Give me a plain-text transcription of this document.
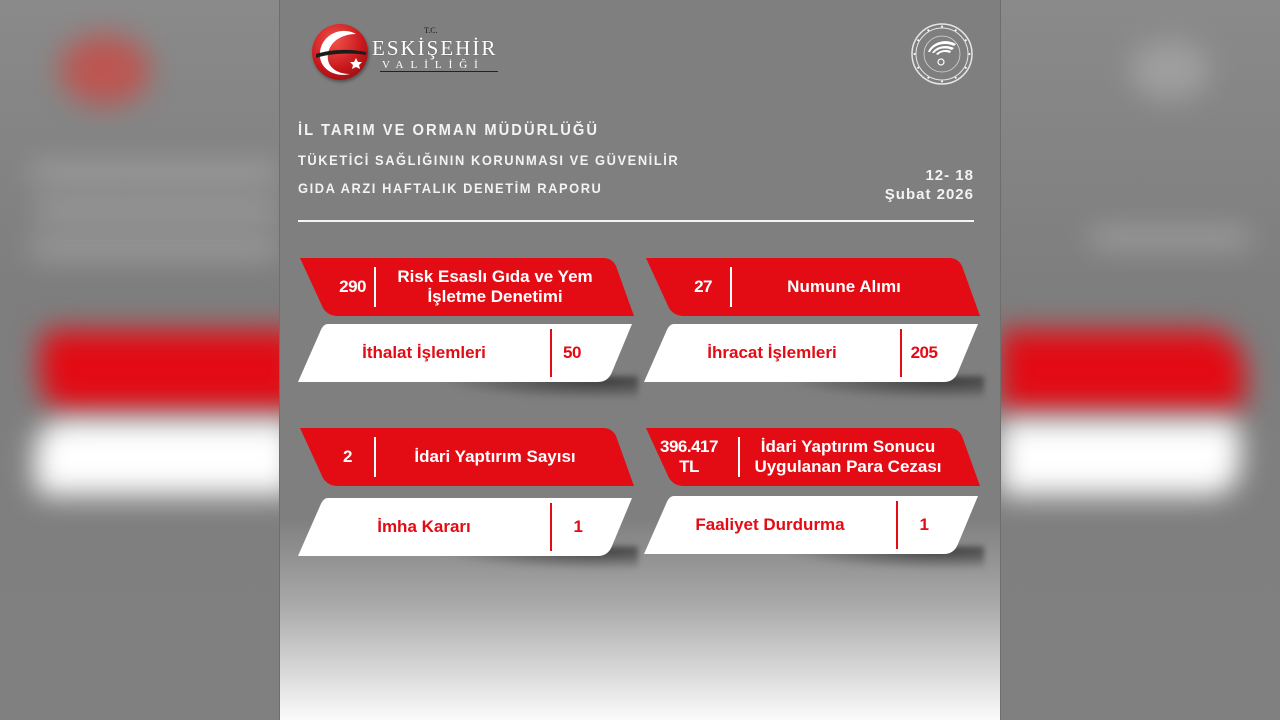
T.C.
ESKİŞEHİR
VALİLİĞİ
İL TARIM VE ORMAN MÜDÜRLÜĞÜ
TÜKETİCİ SAĞLIĞININ KORUNMASI VE GÜVENİLİR
GIDA ARZI HAFTALIK DENETİM RAPORU
12- 18
Şubat 2026
290
Risk Esaslı Gıda ve Yem
İşletme Denetimi
İthalat İşlemleri	50
27	Numune Alımı
İhracat İşlemleri	205
2	İdari Yaptırım Sayısı
İmha Kararı	1
396.417
TL
İdari Yaptırım Sonucu
Uygulanan Para Cezası
Faaliyet Durdurma	1
